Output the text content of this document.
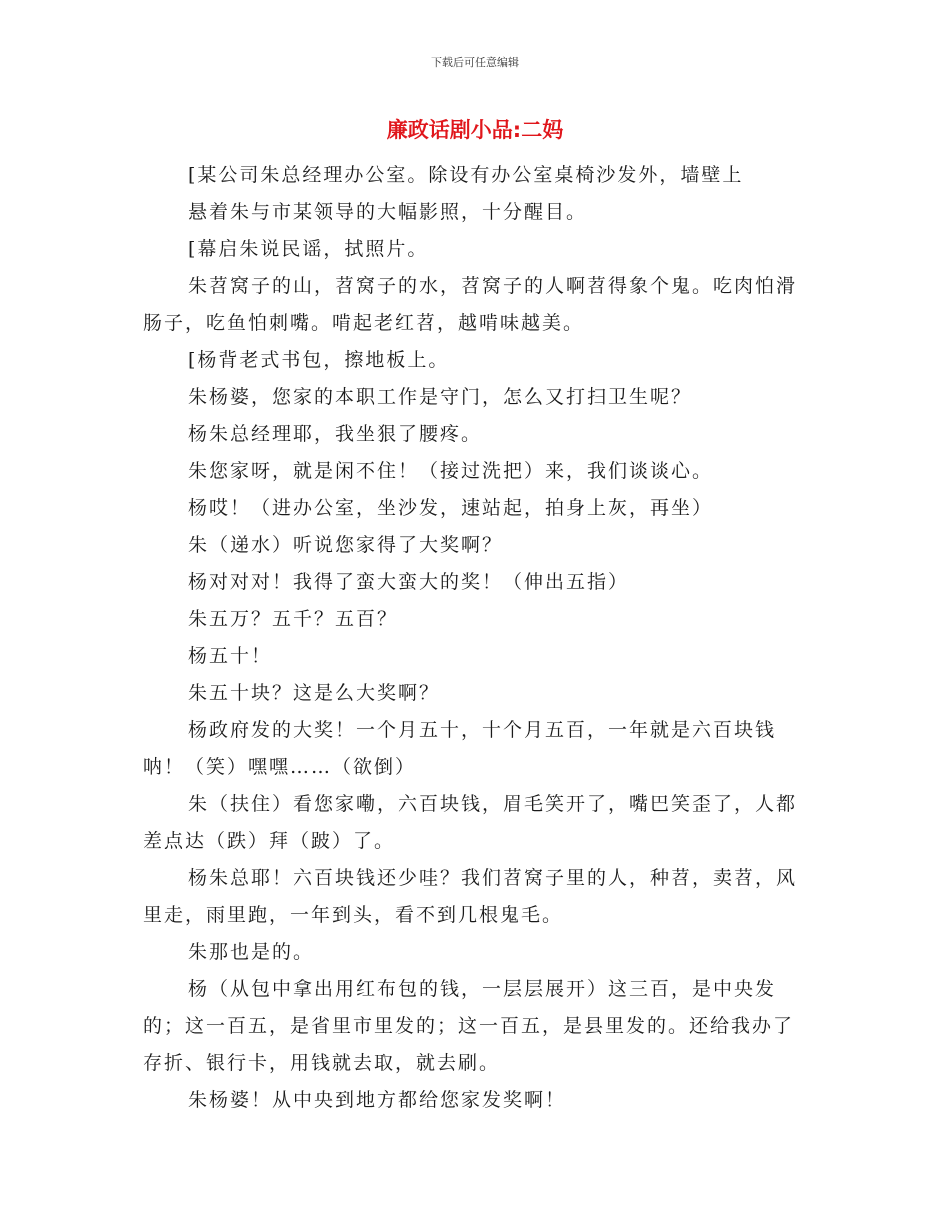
下载后可任意编辑
廉政话剧小品:二妈

[某公司朱总经理办公室。除设有办公室桌椅沙发外，墙壁上

悬着朱与市某领导的大幅影照，十分醒目。

[幕启朱说民谣，拭照片。

朱苕窝子的山，苕窝子的水，苕窝子的人啊苕得象个鬼。吃肉怕滑肠子，吃鱼怕刺嘴。啃起老红苕，越啃味越美。

[杨背老式书包，擦地板上。

朱杨婆，您家的本职工作是守门，怎么又打扫卫生呢？

杨朱总经理耶，我坐狠了腰疼。

朱您家呀，就是闲不住！（接过洗把）来，我们谈谈心。

杨哎！（进办公室，坐沙发，速站起，拍身上灰，再坐）

朱（递水）听说您家得了大奖啊？

杨对对对！我得了蛮大蛮大的奖！（伸出五指）

朱五万？五千？五百？

杨五十！

朱五十块？这是么大奖啊？

杨政府发的大奖！一个月五十，十个月五百，一年就是六百块钱呐！（笑）嘿嘿……（欲倒）

朱（扶住）看您家嘞，六百块钱，眉毛笑开了，嘴巴笑歪了，人都差点达（跌）拜（跛）了。

杨朱总耶！六百块钱还少哇？我们苕窝子里的人，种苕，卖苕，风里走，雨里跑，一年到头，看不到几根鬼毛。

朱那也是的。

杨（从包中拿出用红布包的钱，一层层展开）这三百，是中央发的；这一百五，是省里市里发的；这一百五，是县里发的。还给我办了存折、银行卡，用钱就去取，就去刷。

朱杨婆！从中央到地方都给您家发奖啊！
